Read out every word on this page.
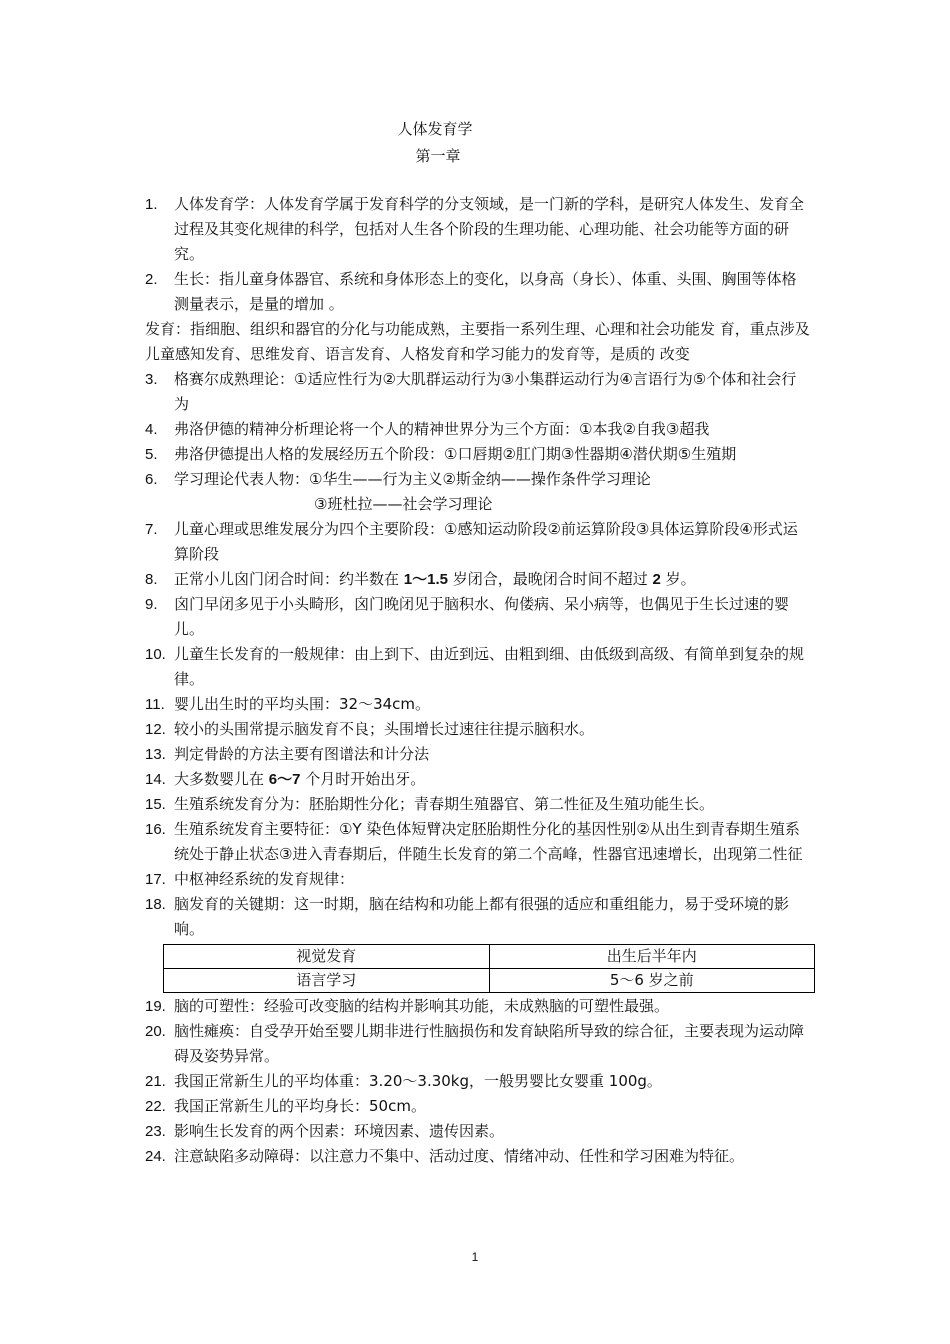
人体发育学
第一章
1. 人体发育学：人体发育学属于发育科学的分支领域，是一门新的学科，是研究人体发生、发育全过程及其变化规律的科学，包括对人生各个阶段的生理功能、心理功能、社会功能等方面的研究。
2. 生长：指儿童身体器官、系统和身体形态上的变化，以身高（身长）、体重、头围、胸围等体格测量表示，是量的增加 。
发育：指细胞、组织和器官的分化与功能成熟，主要指一系列生理、心理和社会功能发 育，重点涉及儿童感知发育、思维发育、语言发育、人格发育和学习能力的发育等，是质的 改变
3. 格赛尔成熟理论：①适应性行为②大肌群运动行为③小集群运动行为④言语行为⑤个体和社会行为
4. 弗洛伊德的精神分析理论将一个人的精神世界分为三个方面：①本我②自我③超我
5. 弗洛伊德提出人格的发展经历五个阶段：①口唇期②肛门期③性器期④潜伏期⑤生殖期
6. 学习理论代表人物：①华生——行为主义②斯金纳——操作条件学习理论
③班杜拉——社会学习理论
7. 儿童心理或思维发展分为四个主要阶段：①感知运动阶段②前运算阶段③具体运算阶段④形式运算阶段
8. 正常小儿囟门闭合时间：约半数在 1～1.5 岁闭合，最晚闭合时间不超过 2 岁。
9. 囟门早闭多见于小头畸形，囟门晚闭见于脑积水、佝偻病、呆小病等，也偶见于生长过速的婴儿。
10. 儿童生长发育的一般规律：由上到下、由近到远、由粗到细、由低级到高级、有简单到复杂的规律。
11. 婴儿出生时的平均头围：32～34cm。
12. 较小的头围常提示脑发育不良；头围增长过速往往提示脑积水。
13. 判定骨龄的方法主要有图谱法和计分法
14. 大多数婴儿在 6～7 个月时开始出牙。
15. 生殖系统发育分为：胚胎期性分化；青春期生殖器官、第二性征及生殖功能生长。
16. 生殖系统发育主要特征：①Y 染色体短臂决定胚胎期性分化的基因性别②从出生到青春期生殖系统处于静止状态③进入青春期后，伴随生长发育的第二个高峰，性器官迅速增长，出现第二性征
17. 中枢神经系统的发育规律：
18. 脑发育的关键期：这一时期，脑在结构和功能上都有很强的适应和重组能力，易于受环境的影响。
视觉发育	出生后半年内
语言学习	5～6 岁之前
19. 脑的可塑性：经验可改变脑的结构并影响其功能，未成熟脑的可塑性最强。
20. 脑性瘫痪：自受孕开始至婴儿期非进行性脑损伤和发育缺陷所导致的综合征，主要表现为运动障碍及姿势异常。
21. 我国正常新生儿的平均体重：3.20～3.30kg，一般男婴比女婴重 100g。
22. 我国正常新生儿的平均身长：50cm。
23. 影响生长发育的两个因素：环境因素、遗传因素。
24. 注意缺陷多动障碍：以注意力不集中、活动过度、情绪冲动、任性和学习困难为特征。
1
